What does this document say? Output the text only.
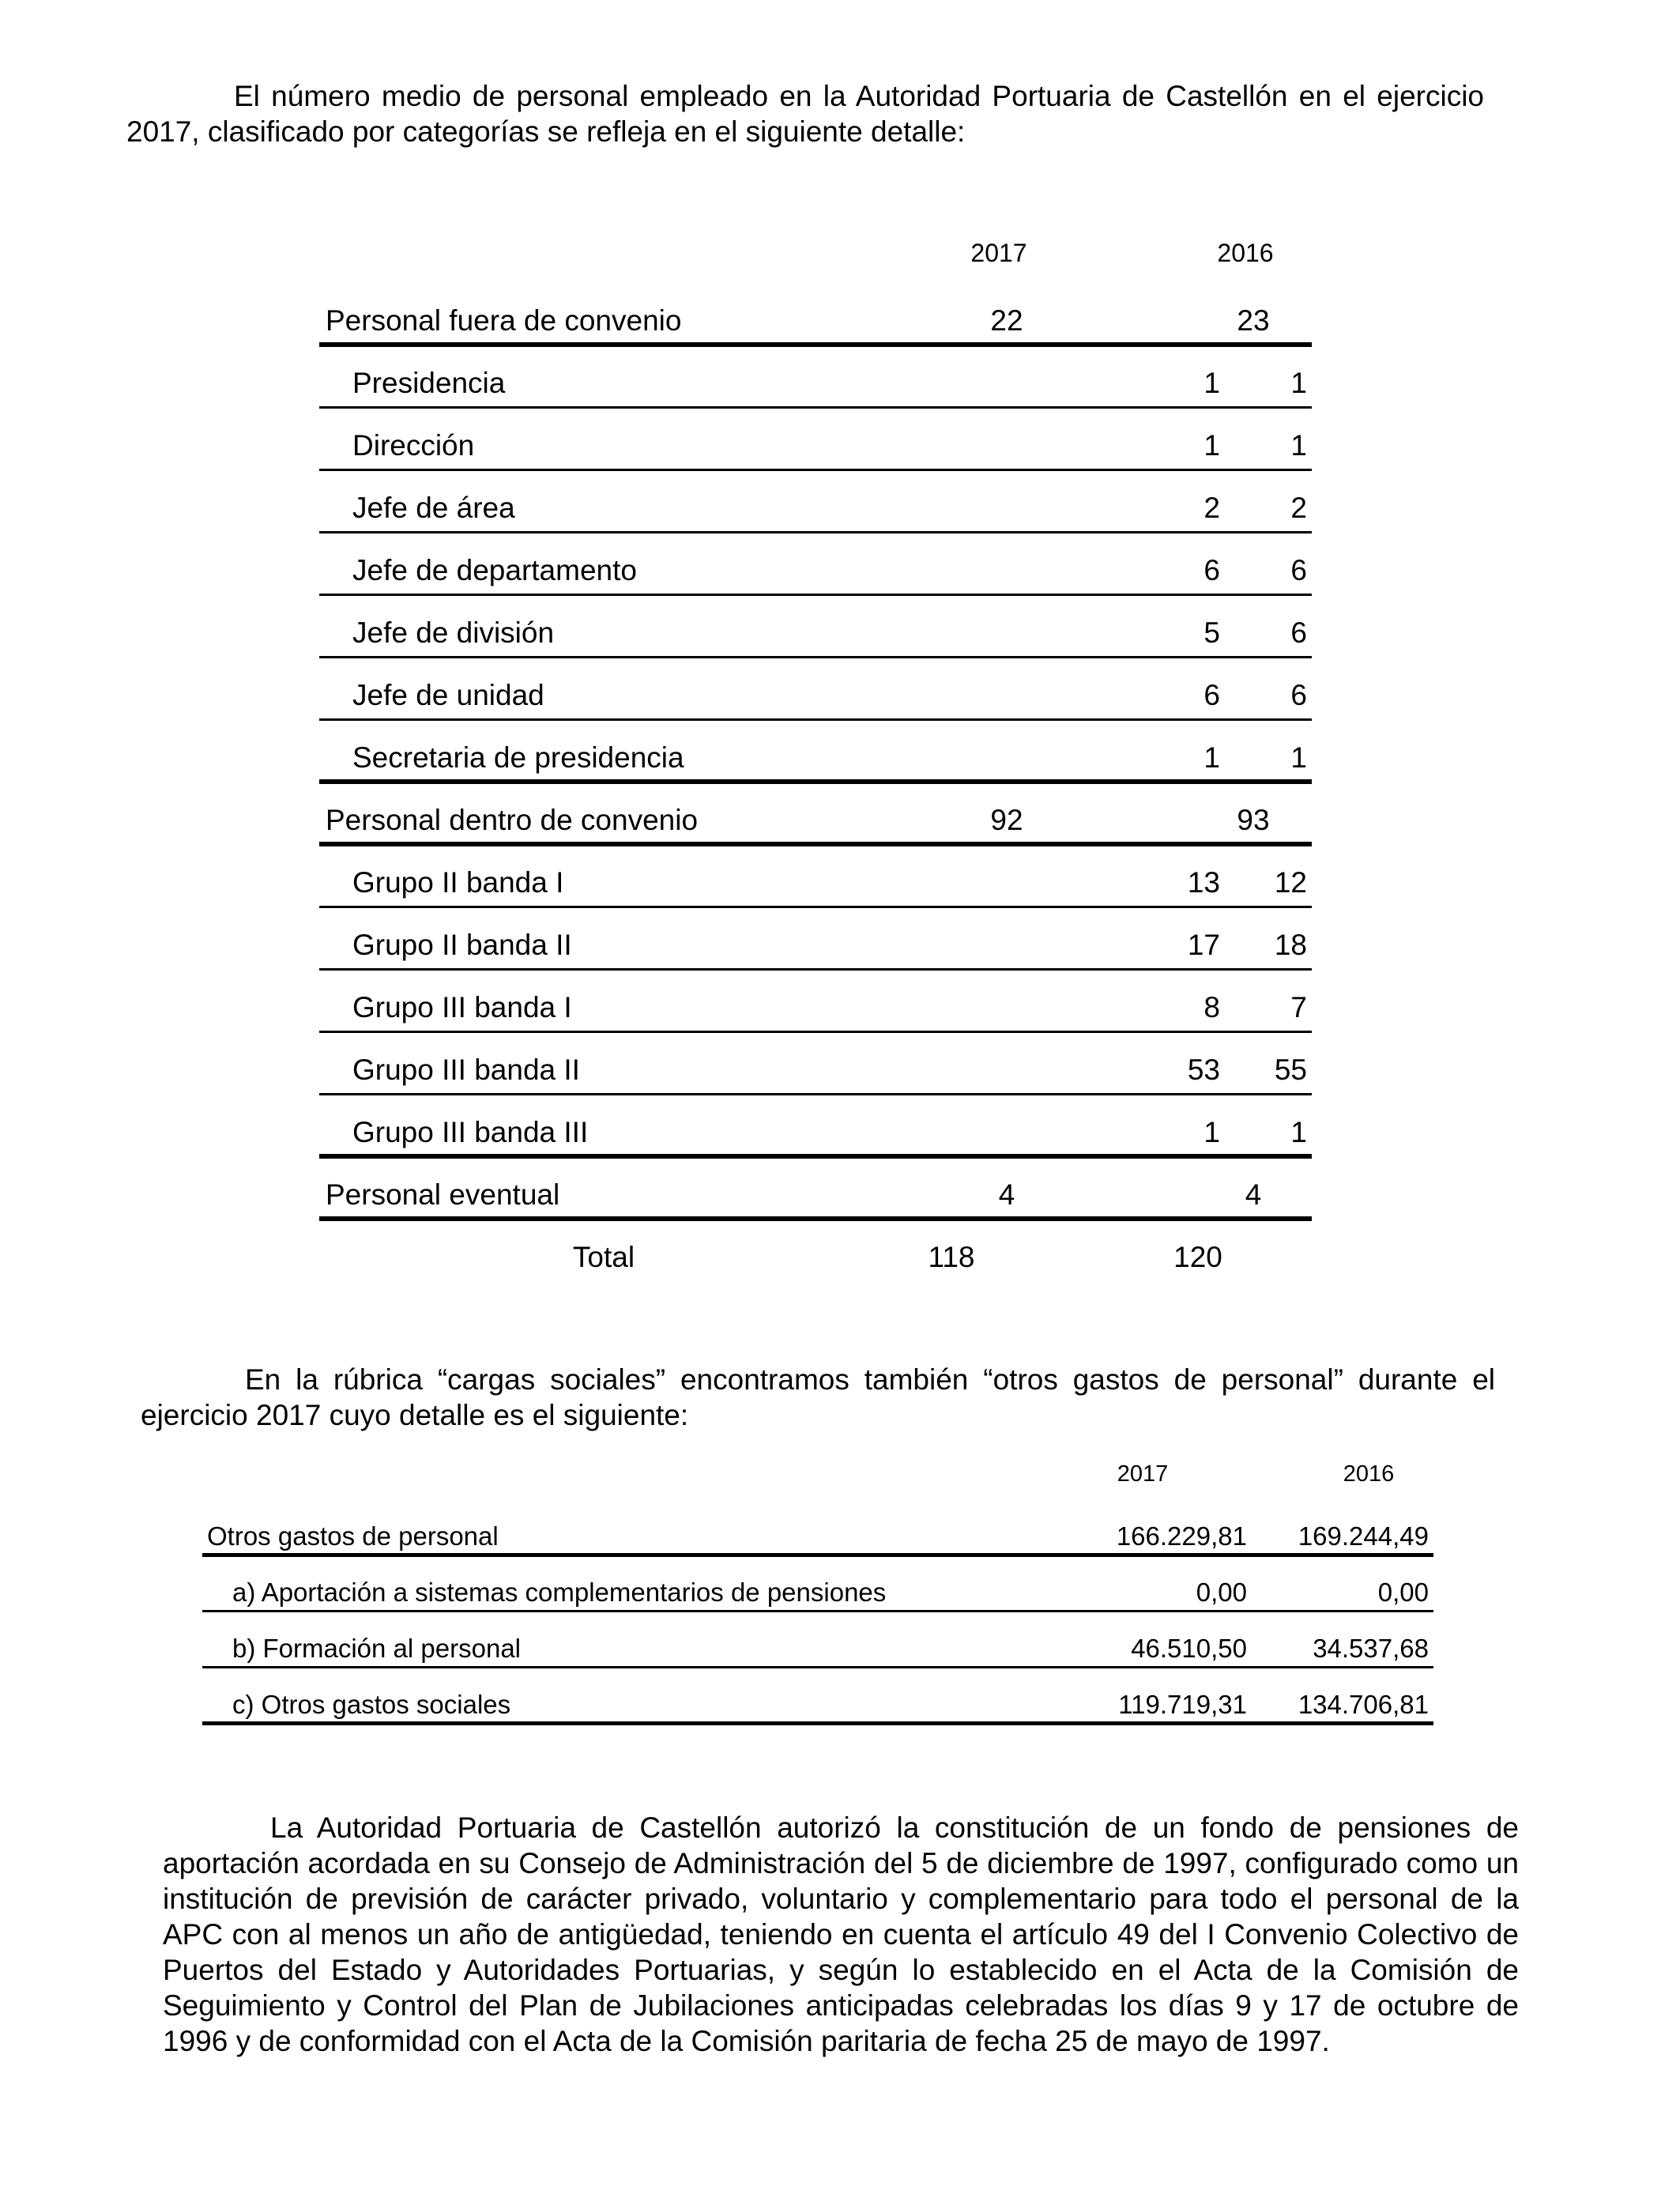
El número medio de personal empleado en la Autoridad Portuaria de Castellón en el ejercicio 2017, clasificado por categorías se refleja en el siguiente detalle:

2017	2016
Personal fuera de convenio	22	23
Presidencia	1	1
Dirección	1	1
Jefe de área	2	2
Jefe de departamento	6	6
Jefe de división	5	6
Jefe de unidad	6	6
Secretaria de presidencia	1	1
Personal dentro de convenio	92	93
Grupo II banda I	13	12
Grupo II banda II	17	18
Grupo III banda I	8	7
Grupo III banda II	53	55
Grupo III banda III	1	1
Personal eventual	4	4
Total	118	120

En la rúbrica “cargas sociales” encontramos también “otros gastos de personal” durante el ejercicio 2017 cuyo detalle es el siguiente:

2017	2016
Otros gastos de personal	166.229,81	169.244,49
a) Aportación a sistemas complementarios de pensiones	0,00	0,00
b) Formación al personal	46.510,50	34.537,68
c) Otros gastos sociales	119.719,31	134.706,81

La Autoridad Portuaria de Castellón autorizó la constitución de un fondo de pensiones de aportación acordada en su Consejo de Administración del 5 de diciembre de 1997, configurado como un institución de previsión de carácter privado, voluntario y complementario para todo el personal de la APC con al menos un año de antigüedad, teniendo en cuenta el artículo 49 del I Convenio Colectivo de Puertos del Estado y Autoridades Portuarias, y según lo establecido en el Acta de la Comisión de Seguimiento y Control del Plan de Jubilaciones anticipadas celebradas los días 9 y 17 de octubre de 1996 y de conformidad con el Acta de la Comisión paritaria de fecha 25 de mayo de 1997.
